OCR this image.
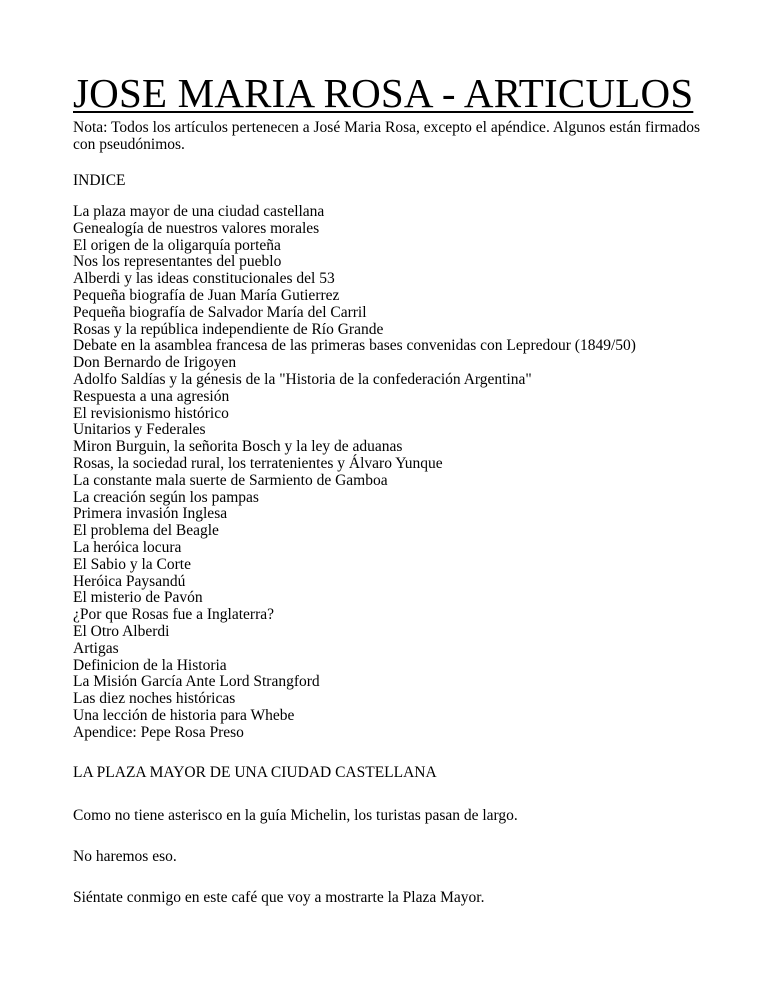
JOSE MARIA ROSA - ARTICULOS

Nota: Todos los artículos pertenecen a José Maria Rosa, excepto el apéndice. Algunos están firmados con pseudónimos.

INDICE

La plaza mayor de una ciudad castellana
Genealogía de nuestros valores morales
El origen de la oligarquía porteña
Nos los representantes del pueblo
Alberdi y las ideas constitucionales del 53
Pequeña biografía de Juan María Gutierrez
Pequeña biografía de Salvador María del Carril
Rosas y la república independiente de Río Grande
Debate en la asamblea francesa de las primeras bases convenidas con Lepredour (1849/50)
Don Bernardo de Irigoyen
Adolfo Saldías y la génesis de la "Historia de la confederación Argentina"
Respuesta a una agresión
El revisionismo histórico
Unitarios y Federales
Miron Burguin, la señorita Bosch y la ley de aduanas
Rosas, la sociedad rural, los terratenientes y Álvaro Yunque
La constante mala suerte de Sarmiento de Gamboa
La creación según los pampas
Primera invasión Inglesa
El problema del Beagle
La heróica locura
El Sabio y la Corte
Heróica Paysandú
El misterio de Pavón
¿Por que Rosas fue a Inglaterra?
El Otro Alberdi
Artigas
Definicion de la Historia
La Misión García Ante Lord Strangford
Las diez noches históricas
Una lección de historia para Whebe
Apendice: Pepe Rosa Preso

LA PLAZA MAYOR DE UNA CIUDAD CASTELLANA

Como no tiene asterisco en la guía Michelin, los turistas pasan de largo.

No haremos eso.

Siéntate conmigo en este café que voy a mostrarte la Plaza Mayor.
